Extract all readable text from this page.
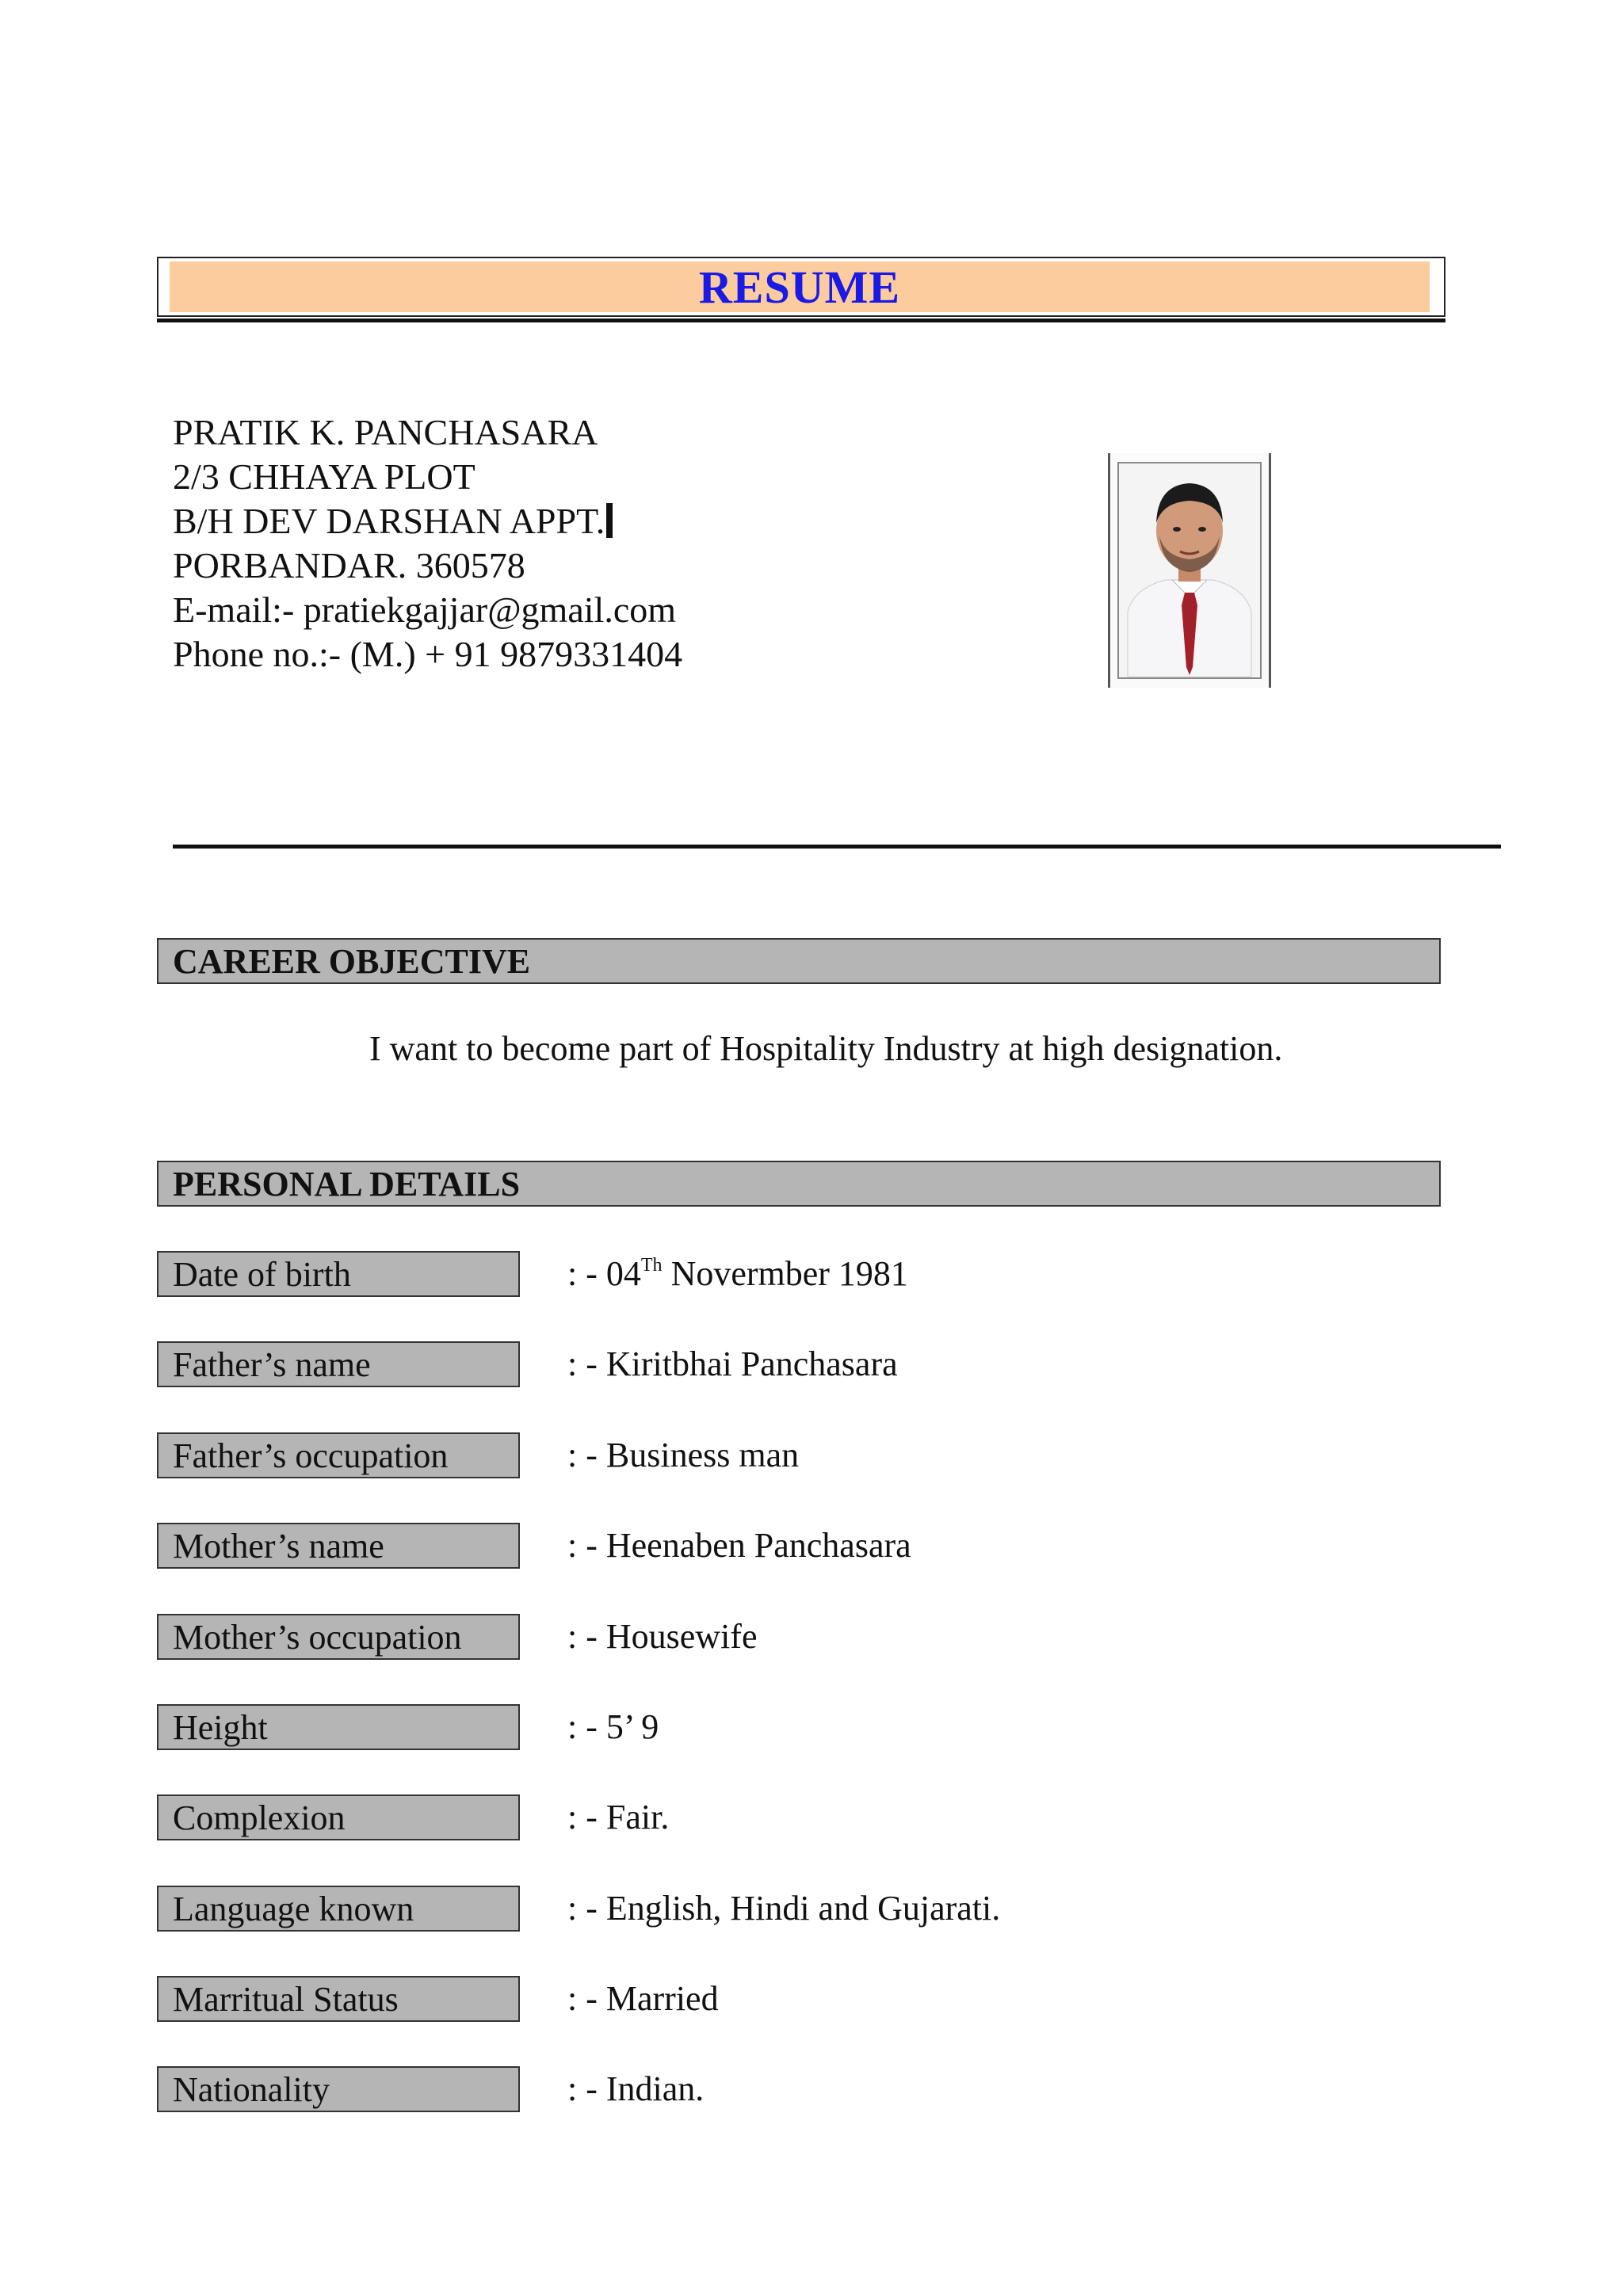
RESUME
PRATIK K. PANCHASARA
2/3 CHHAYA PLOT
B/H DEV DARSHAN APPT.
PORBANDAR. 360578
E-mail:- pratiekgajjar@gmail.com
Phone no.:- (M.) + 91 9879331404
CAREER OBJECTIVE
I want to become part of Hospitality Industry at high designation.
PERSONAL DETAILS
Date of birth	: - 04Th Novermber 1981
Father’s name	: - Kiritbhai Panchasara
Father’s occupation	: - Business man
Mother’s name	: - Heenaben Panchasara
Mother’s occupation	: - Housewife
Height	: - 5’ 9
Complexion	: - Fair.
Language known	: - English, Hindi and Gujarati.
Marritual Status	: - Married
Nationality	: - Indian.
